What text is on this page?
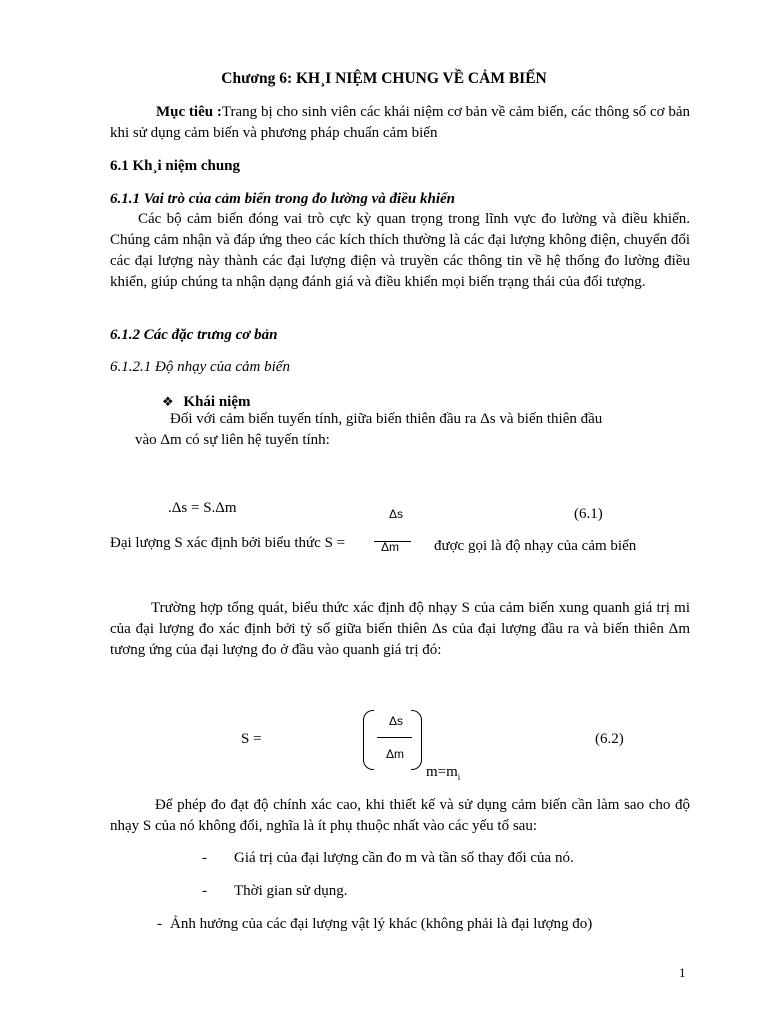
Chương 6: KH¸I NIỆM CHUNG VỀ CẢM BIẾN
Mục tiêu :Trang bị cho sinh viên các khái niệm cơ bản về cảm biến, các thông số cơ bản khi sử dụng cảm biến và phương pháp chuẩn cảm biến
6.1 Kh¸i niệm chung
6.1.1 Vai trò của cảm biến trong đo lường và điều khiển
Các bộ cảm biến đóng vai trò cực kỳ quan trọng trong lĩnh vực đo lường và điều khiển. Chúng cảm nhận và đáp ứng theo các kích thích thường là các đại lượng không điện, chuyển đổi các đại lượng này thành các đại lượng điện và truyền các thông tin về hệ thống đo lường điều khiển, giúp chúng ta nhận dạng đánh giá và điều khiển mọi biến trạng thái của đối tượng.
6.1.2 Các đặc trưng cơ bản
6.1.2.1 Độ nhạy của cảm biến
❖ Khái niệm
Đối với cảm biến tuyến tính, giữa biến thiên đầu ra Δs và biến thiên đầu
vào Δm có sự liên hệ tuyến tính:
.Δs = S.Δm	Δs	(6.1)
Đại lượng S xác định bởi biểu thức S =	Δm được gọi là độ nhạy của cảm biến
Trường hợp tổng quát, biểu thức xác định độ nhạy S của cảm biến xung quanh giá trị mi của đại lượng đo xác định bởi tỷ số giữa biến thiên Δs của đại lượng đầu ra và biến thiên Δm tương ứng của đại lượng đo ở đầu vào quanh giá trị đó:
S =
Δs
Δm
$m=m_i$
(6.2)
Để phép đo đạt độ chính xác cao, khi thiết kế và sử dụng cảm biến cần làm sao cho độ nhạy S của nó không đổi, nghĩa là ít phụ thuộc nhất vào các yếu tố sau:
- Giá trị của đại lượng cần đo m và tần số thay đổi của nó.
- Thời gian sử dụng.
- Ảnh hưởng của các đại lượng vật lý khác (không phải là đại lượng đo)
1
